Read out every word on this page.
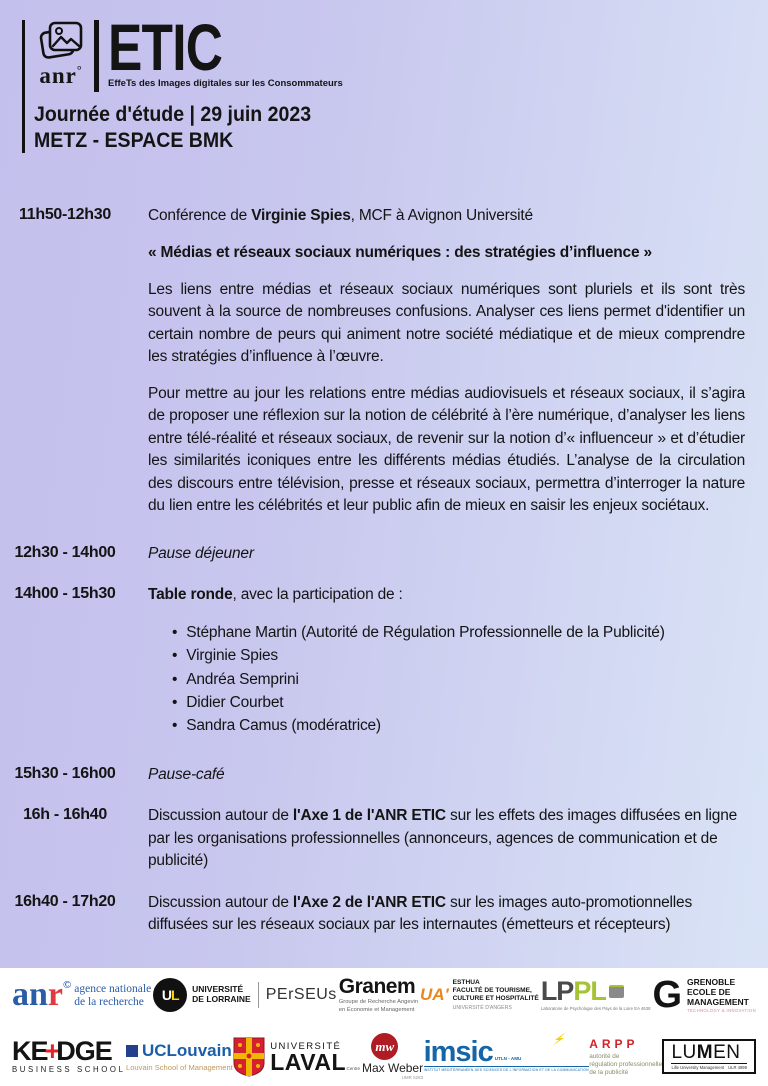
anr° ETIC
EffeTs des Images digitales sur les Consommateurs
Journée d'étude | 29 juin 2023
METZ - ESPACE BMK
11h50-12h30	Conférence de Virginie Spies, MCF à Avignon Université

« Médias et réseaux sociaux numériques : des stratégies d’influence »

Les liens entre médias et réseaux sociaux numériques sont pluriels et ils sont très souvent à la source de nombreuses confusions. Analyser ces liens permet d'identifier un certain nombre de peurs qui animent notre société médiatique et de mieux comprendre les stratégies d’influence à l’œuvre.

Pour mettre au jour les relations entre médias audiovisuels et réseaux sociaux, il s’agira de proposer une réflexion sur la notion de célébrité à l’ère numérique, d’analyser les liens entre télé-réalité et réseaux sociaux, de revenir sur la notion d’« influenceur » et d’étudier les similarités iconiques entre les différents médias étudiés. L’analyse de la circulation des discours entre télévision, presse et réseaux sociaux, permettra d’interroger la nature du lien entre les célébrités et leur public afin de mieux en saisir les enjeux sociétaux.

12h30 - 14h00	Pause déjeuner
14h00 - 15h30	Table ronde, avec la participation de :

• Stéphane Martin (Autorité de Régulation Professionnelle de la Publicité)
• Virginie Spies
• Andréa Semprini
• Didier Courbet
• Sandra Camus (modératrice)
15h30 - 16h00	Pause-café
16h - 16h40	Discussion autour de l'Axe 1 de l'ANR ETIC sur les effets des images diffusées en ligne par les organisations professionnelles (annonceurs, agences de communication et de publicité)
16h40 - 17h20	Discussion autour de l'Axe 2 de l'ANR ETIC sur les images auto-promotionnelles diffusées sur les réseaux sociaux par les internautes (émetteurs et récepteurs)
anr© agence nationale
de la recherche	U L UNIVERSITÉ
DE LORRAINE PErSEUs Granem
Groupe de Recherche Angevin
en Économie et Management
UA'
ESTHUA
FACULTÉ DE TOURISME,
CULTURE ET HOSPITALITÉ
UNIVERSITÉ D'ANGERS
LPPL
Laboratoire de Psychologie des Pays de la Loire EA 4638 G GRENOBLE
ECOLE DE
MANAGEMENT
TECHNOLOGY & INNOVATION
KE+DGE
BUSINESS SCHOOL
UCLouvain
Louvain School of Management
UNIVERSITÉ
LAVAL
mw
Centre Max Weber
UMR 5283
imsic UTLN - AMU
INSTITUT MÉDITERRANÉEN DES SCIENCES DE L'INFORMATION ET DE LA COMMUNICATION
ARPP
autorité de
régulation professionnelle
de la publicité
LUMEN
Lille University Management ULR 4999
